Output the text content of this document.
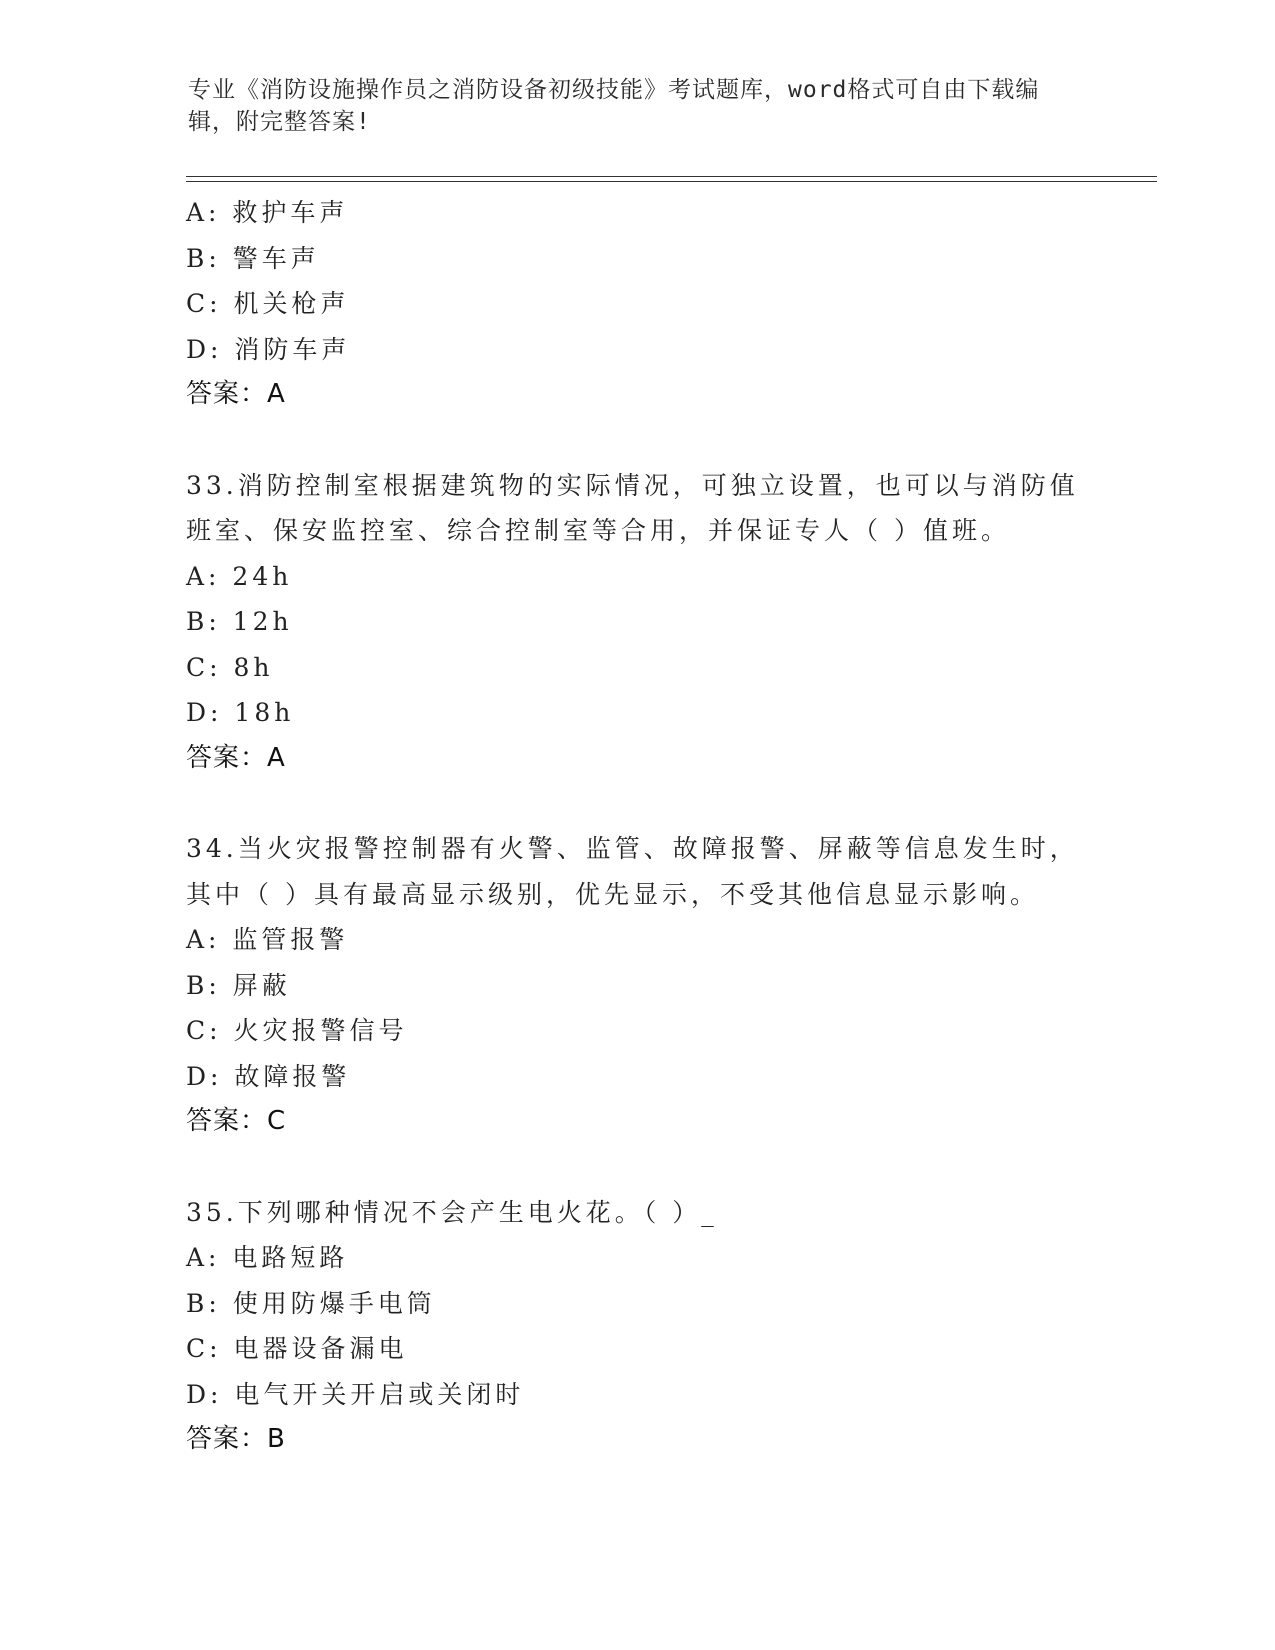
专业《消防设施操作员之消防设备初级技能》考试题库，word格式可自由下载编
辑，附完整答案!
A: 救护车声
B: 警车声
C: 机关枪声
D: 消防车声
答案：A
33.消防控制室根据建筑物的实际情况，可独立设置，也可以与消防值
班室、保安监控室、综合控制室等合用，并保证专人（ ）值班。
A: 24h
B: 12h
C: 8h
D: 18h
答案：A
34.当火灾报警控制器有火警、监管、故障报警、屏蔽等信息发生时，
其中（ ）具有最高显示级别，优先显示，不受其他信息显示影响。
A: 监管报警
B: 屏蔽
C: 火灾报警信号
D: 故障报警
答案：C
35.下列哪种情况不会产生电火花。（ ）_
A: 电路短路
B: 使用防爆手电筒
C: 电器设备漏电
D: 电气开关开启或关闭时
答案：B
